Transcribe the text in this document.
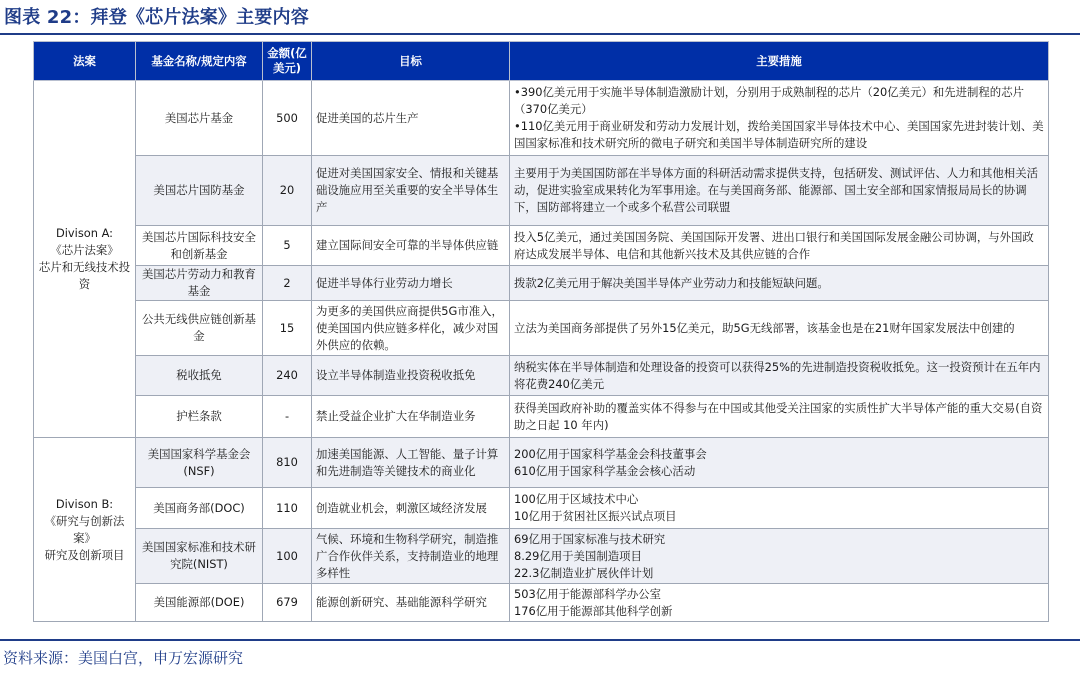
图表 22：拜登《芯片法案》主要内容
法案	基金名称/规定内容	金额(亿美元)	目标	主要措施
Divison A:
《芯片法案》
芯片和无线技术投资	美国芯片基金	500	促进美国的芯片生产	•390亿美元用于实施半导体制造激励计划，分别用于成熟制程的芯片（20亿美元）和先进制程的芯片（370亿美元）
•110亿美元用于商业研发和劳动力发展计划，拨给美国国家半导体技术中心、美国国家先进封装计划、美国国家标准和技术研究所的微电子研究和美国半导体制造研究所的建设
	美国芯片国防基金	20	促进对美国国家安全、情报和关键基础设施应用至关重要的安全半导体生产	主要用于为美国国防部在半导体方面的科研活动需求提供支持，包括研发、测试评估、人力和其他相关活动，促进实验室成果转化为军事用途。在与美国商务部、能源部、国土安全部和国家情报局局长的协调下，国防部将建立一个或多个私营公司联盟
	美国芯片国际科技安全和创新基金	5	建立国际间安全可靠的半导体供应链	投入5亿美元，通过美国国务院、美国国际开发署、进出口银行和美国国际发展金融公司协调，与外国政府达成发展半导体、电信和其他新兴技术及其供应链的合作
	美国芯片劳动力和教育基金	2	促进半导体行业劳动力增长	拨款2亿美元用于解决美国半导体产业劳动力和技能短缺问题。
	公共无线供应链创新基金	15	为更多的美国供应商提供5G市准入，使美国国内供应链多样化，减少对国外供应的依赖。	立法为美国商务部提供了另外15亿美元，助5G无线部署，该基金也是在21财年国家发展法中创建的
	税收抵免	240	设立半导体制造业投资税收抵免	纳税实体在半导体制造和处理设备的投资可以获得25%的先进制造投资税收抵免。这一投资预计在五年内将花费240亿美元
	护栏条款	-	禁止受益企业扩大在华制造业务	获得美国政府补助的覆盖实体不得参与在中国或其他受关注国家的实质性扩大半导体产能的重大交易(自资助之日起 10 年内)
Divison B:
《研究与创新法案》
研究及创新项目	美国国家科学基金会(NSF)	810	加速美国能源、人工智能、量子计算和先进制造等关键技术的商业化	200亿用于国家科学基金会科技董事会
610亿用于国家科学基金会核心活动
	美国商务部(DOC)	110	创造就业机会，刺激区域经济发展	100亿用于区域技术中心
10亿用于贫困社区振兴试点项目
	美国国家标准和技术研究院(NIST)	100	气候、环境和生物科学研究，制造推广合作伙伴关系，支持制造业的地理多样性	69亿用于国家标准与技术研究
8.29亿用于美国制造项目
22.3亿制造业扩展伙伴计划
	美国能源部(DOE)	679	能源创新研究、基础能源科学研究	503亿用于能源部科学办公室
176亿用于能源部其他科学创新
资料来源：美国白宫，申万宏源研究
